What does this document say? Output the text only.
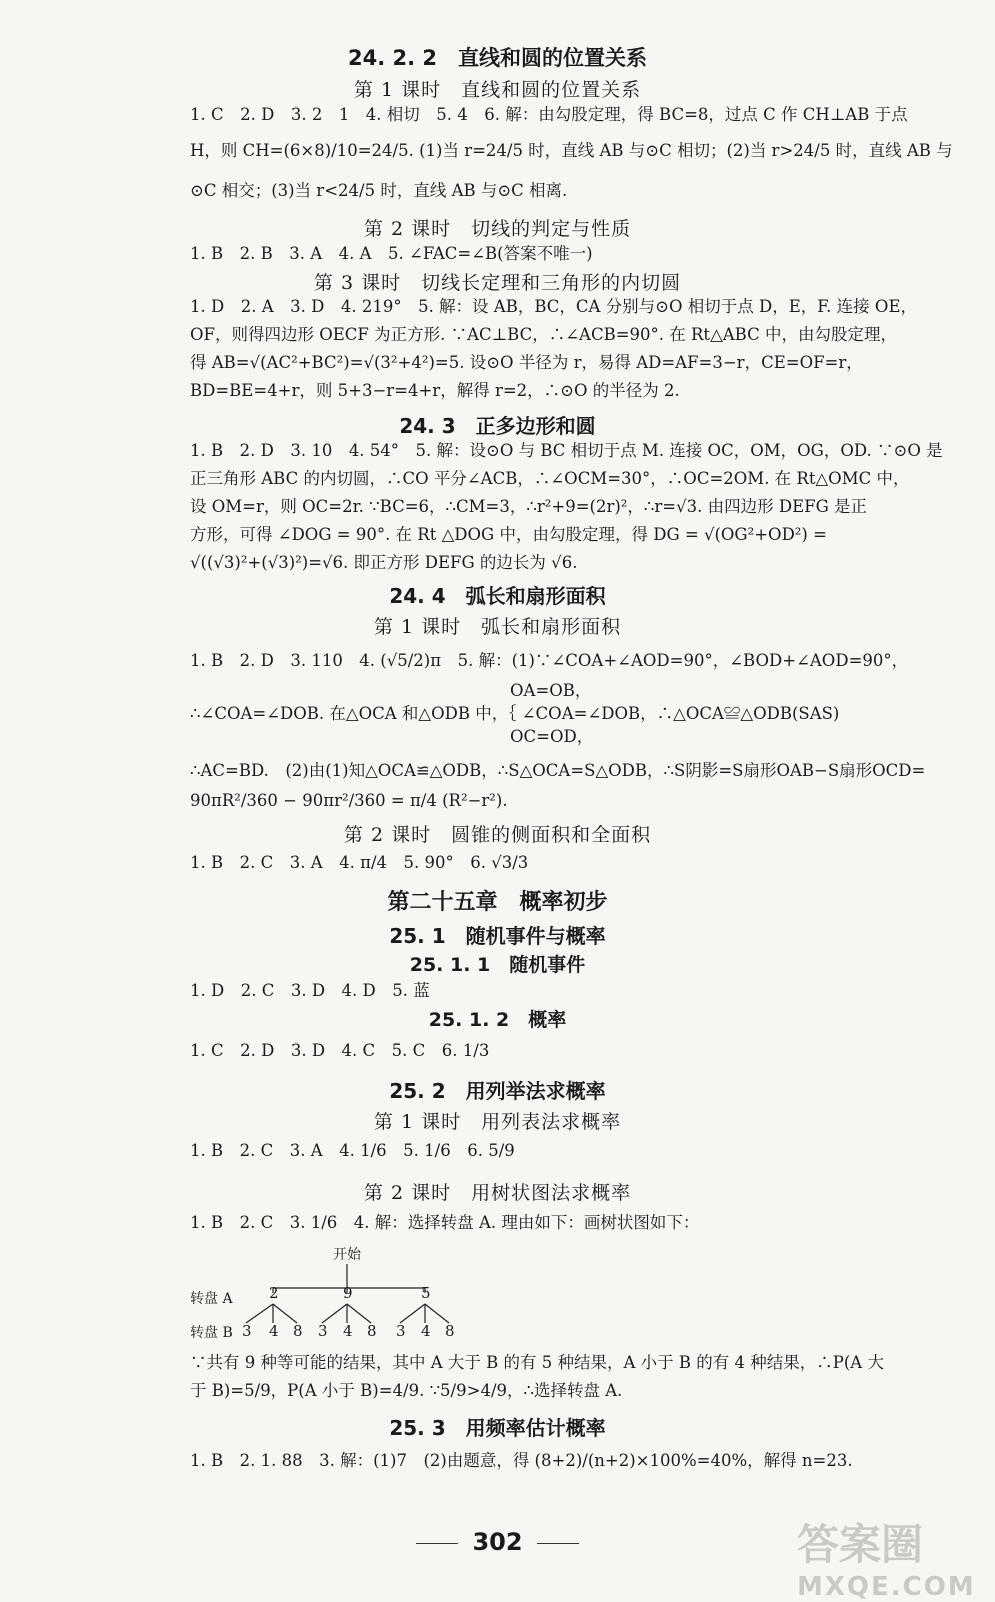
24. 2. 2　直线和圆的位置关系
第 1 课时　直线和圆的位置关系
1. C　2. D　3. 2　1　4. 相切　5. 4　6. 解：由勾股定理，得 BC=8，过点 C 作 CH⊥AB 于点
H，则 CH=(6×8)/10=24/5. (1)当 r=24/5 时，直线 AB 与⊙C 相切；(2)当 r>24/5 时，直线 AB 与
⊙C 相交；(3)当 r<24/5 时，直线 AB 与⊙C 相离.
第 2 课时　切线的判定与性质
1. B　2. B　3. A　4. A　5. ∠FAC=∠B(答案不唯一)
第 3 课时　切线长定理和三角形的内切圆
1. D　2. A　3. D　4. 219°　5. 解：设 AB，BC，CA 分别与⊙O 相切于点 D，E，F. 连接 OE，
OF，则得四边形 OECF 为正方形. ∵AC⊥BC，∴∠ACB=90°. 在 Rt△ABC 中，由勾股定理，
得 AB=√(AC²+BC²)=√(3²+4²)=5. 设⊙O 半径为 r，易得 AD=AF=3−r，CE=OF=r，
BD=BE=4+r，则 5+3−r=4+r，解得 r=2，∴⊙O 的半径为 2.
24. 3　正多边形和圆
1. B　2. D　3. 10　4. 54°　5. 解：设⊙O 与 BC 相切于点 M. 连接 OC，OM，OG，OD. ∵⊙O 是
正三角形 ABC 的内切圆，∴CO 平分∠ACB，∴∠OCM=30°，∴OC=2OM. 在 Rt△OMC 中，
设 OM=r，则 OC=2r. ∵BC=6，∴CM=3，∴r²+9=(2r)²，∴r=√3. 由四边形 DEFG 是正
方形，可得 ∠DOG = 90°. 在 Rt △DOG 中，由勾股定理，得 DG = √(OG²+OD²) =
√((√3)²+(√3)²)=√6. 即正方形 DEFG 的边长为 √6.
24. 4　弧长和扇形面积
第 1 课时　弧长和扇形面积
1. B　2. D　3. 110　4. (√5/2)π　5. 解：(1)∵∠COA+∠AOD=90°，∠BOD+∠AOD=90°，
OA=OB，
∴∠COA=∠DOB. 在△OCA 和△ODB 中，｛ ∠COA=∠DOB，∴△OCA≌△ODB(SAS)
OC=OD，
∴AC=BD.　(2)由(1)知△OCA≌△ODB，∴S△OCA=S△ODB，∴S阴影=S扇形OAB−S扇形OCD=
90πR²/360 − 90πr²/360 = π/4 (R²−r²).
第 2 课时　圆锥的侧面积和全面积
1. B　2. C　3. A　4. π/4　5. 90°　6. √3/3
第二十五章　概率初步
25. 1　随机事件与概率
25. 1. 1　随机事件
1. D　2. C　3. D　4. D　5. 蓝
25. 1. 2　概率
1. C　2. D　3. D　4. C　5. C　6. 1/3
25. 2　用列举法求概率
第 1 课时　用列表法求概率
1. B　2. C　3. A　4. 1/6　5. 1/6　6. 5/9
第 2 课时　用树状图法求概率
1. B　2. C　3. 1/6　4. 解：选择转盘 A. 理由如下：画树状图如下：
开始
转盘 A
转盘 B
2	9	5
3 4 8 3 4 8 3 4 8
∵共有 9 种等可能的结果，其中 A 大于 B 的有 5 种结果，A 小于 B 的有 4 种结果，∴P(A 大
于 B)=5/9，P(A 小于 B)=4/9. ∵5/9>4/9，∴选择转盘 A.
25. 3　用频率估计概率
1. B　2. 1. 88　3. 解：(1)7　(2)由题意，得 (8+2)/(n+2)×100%=40%，解得 n=23.
302	答案圈
MXQE.COM
